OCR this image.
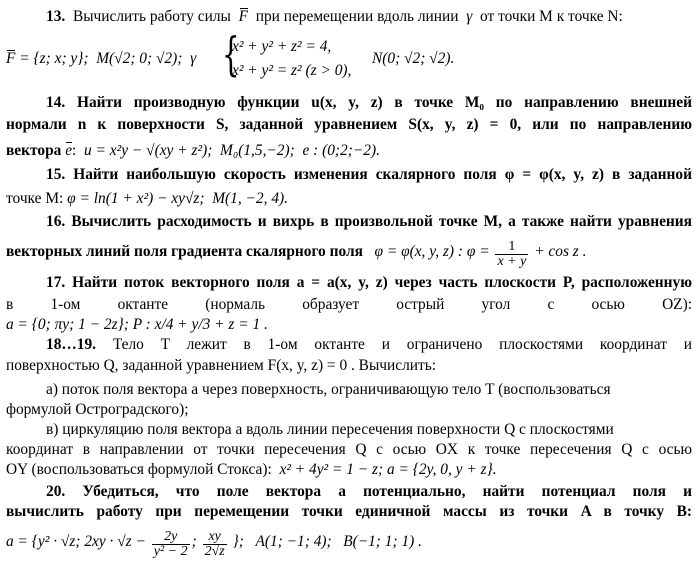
13. Вычислить работу силы F при перемещении вдоль линии γ от точки M к точке N:
F = {z; x; y}; M(√2; 0; √2); γ {
x² + y² + z² = 4,
x² + y² = z² (z > 0),
N(0; √2; √2).
14. Найти производную функции u(x, y, z) в точке M₀ по направлению внешней
нормали n к поверхности S, заданной уравнением S(x, y, z) = 0, или по направлению
вектора e: u = x²y − √(xy + z²); M₀(1,5,−2); e : (0;2;−2).
15. Найти наибольшую скорость изменения скалярного поля φ = φ(x, y, z) в заданной
точке M: φ = ln(1 + x²) − xy√z; M(1, −2, 4).
16. Вычислить расходимость и вихрь в произвольной точке M, а также найти уравнения
векторных линий поля градиента скалярного поля φ = φ(x, y, z) : $\varphi = \frac{1}{x + y} + \cos z$ .
17. Найти поток векторного поля a = a(x, y, z) через часть плоскости P, расположенную
в 1-ом октанте (нормаль образует острый угол с осью OZ):
a = {0; πy; 1 − 2z}; P : x/4 + y/3 + z = 1 .
18…19. Тело T лежит в 1-ом октанте и ограничено плоскостями координат и
поверхностью Q, заданной уравнением F(x, y, z) = 0 . Вычислить:
а) поток поля вектора a через поверхность, ограничивающую тело T (воспользоваться
формулой Остроградского);
в) циркуляцию поля вектора a вдоль линии пересечения поверхности Q с плоскостями
координат в направлении от точки пересечения Q с осью OX к точке пересечения Q с осью
OY (воспользоваться формулой Стокса): x² + 4y² = 1 − z; a = {2y, 0, y + z}.
20. Убедиться, что поле вектора a потенциально, найти потенциал поля и
вычислить работу при перемещении точки единичной массы из точки A в точку B:
a = {y² · √z; $2xy \cdot √z - \frac{2y}{\text{y² − 2}}$ ; $\frac{xy}{2√z}$ }; A(1; −1; 4); B(−1; 1; 1) .
